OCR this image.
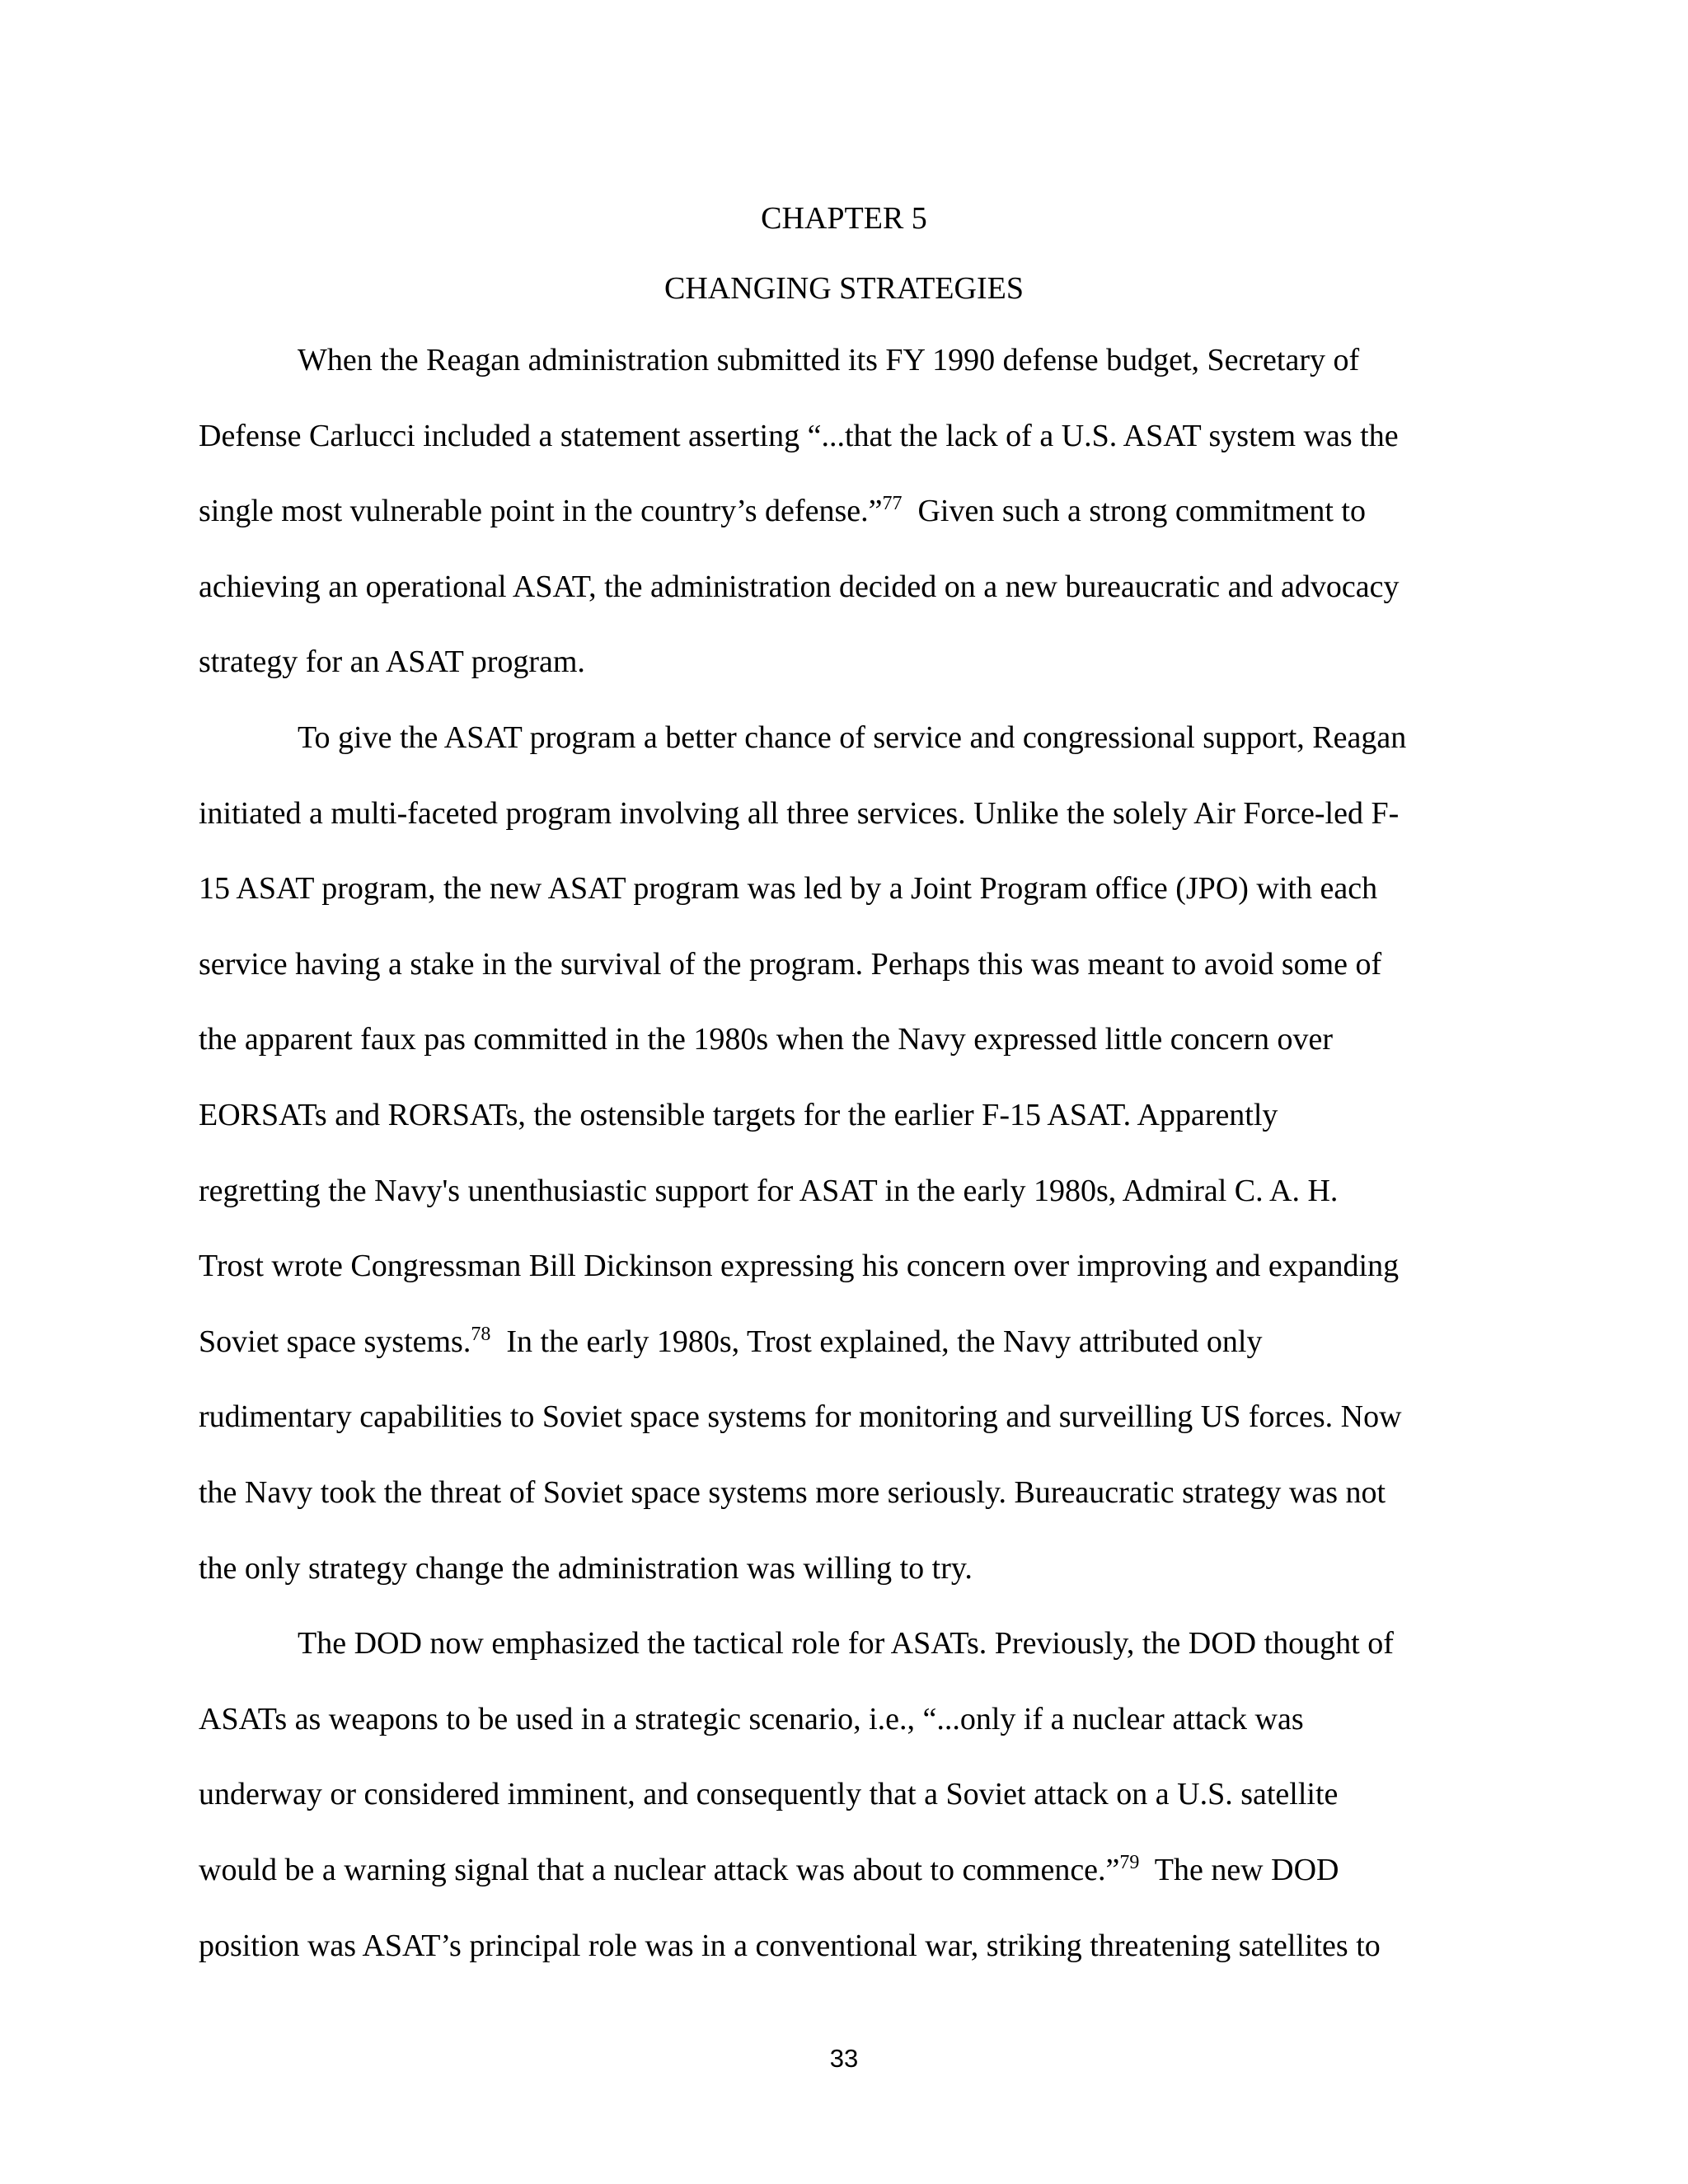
CHAPTER 5
CHANGING STRATEGIES
When the Reagan administration submitted its FY 1990 defense budget, Secretary of
Defense Carlucci included a statement asserting “...that the lack of a U.S. ASAT system was the
single most vulnerable point in the country’s defense.”$^{77}$  Given such a strong commitment to
achieving an operational ASAT, the administration decided on a new bureaucratic and advocacy
strategy for an ASAT program.
To give the ASAT program a better chance of service and congressional support, Reagan
initiated a multi-faceted program involving all three services. Unlike the solely Air Force-led F-
15 ASAT program, the new ASAT program was led by a Joint Program office (JPO) with each
service having a stake in the survival of the program. Perhaps this was meant to avoid some of
the apparent faux pas committed in the 1980s when the Navy expressed little concern over
EORSATs and RORSATs, the ostensible targets for the earlier F-15 ASAT. Apparently
regretting the Navy's unenthusiastic support for ASAT in the early 1980s, Admiral C. A. H.
Trost wrote Congressman Bill Dickinson expressing his concern over improving and expanding
Soviet space systems.$^{78}$  In the early 1980s, Trost explained, the Navy attributed only
rudimentary capabilities to Soviet space systems for monitoring and surveilling US forces. Now
the Navy took the threat of Soviet space systems more seriously. Bureaucratic strategy was not
the only strategy change the administration was willing to try.
The DOD now emphasized the tactical role for ASATs. Previously, the DOD thought of
ASATs as weapons to be used in a strategic scenario, i.e., “...only if a nuclear attack was
underway or considered imminent, and consequently that a Soviet attack on a U.S. satellite
would be a warning signal that a nuclear attack was about to commence.”$^{79}$  The new DOD
position was ASAT’s principal role was in a conventional war, striking threatening satellites to
33
